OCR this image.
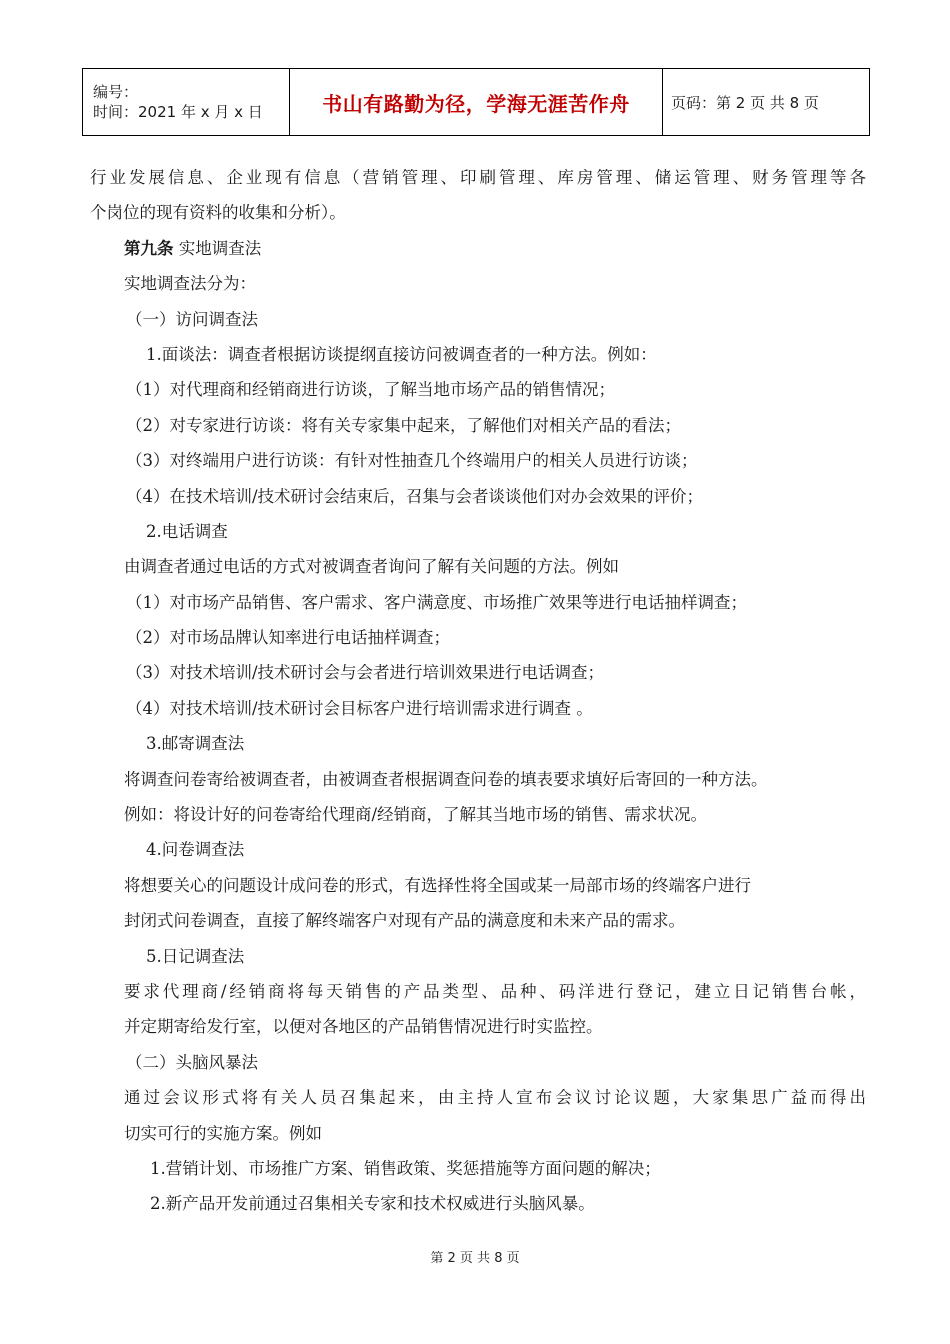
编号：
时间：2021 年 x 月 x 日	书山有路勤为径，学海无涯苦作舟	页码：第 2 页 共 8 页
行业发展信息、企业现有信息（营销管理、印刷管理、库房管理、储运管理、财务管理等各
个岗位的现有资料的收集和分析）。
第九条 实地调查法
实地调查法分为：
（一）访问调查法
1.面谈法：调查者根据访谈提纲直接访问被调查者的一种方法。例如：
（1）对代理商和经销商进行访谈，了解当地市场产品的销售情况；
（2）对专家进行访谈：将有关专家集中起来，了解他们对相关产品的看法；
（3）对终端用户进行访谈：有针对性抽查几个终端用户的相关人员进行访谈；
（4）在技术培训/技术研讨会结束后，召集与会者谈谈他们对办会效果的评价；
2.电话调查
由调查者通过电话的方式对被调查者询问了解有关问题的方法。例如
（1）对市场产品销售、客户需求、客户满意度、市场推广效果等进行电话抽样调查；
（2）对市场品牌认知率进行电话抽样调查；
（3）对技术培训/技术研讨会与会者进行培训效果进行电话调查；
（4）对技术培训/技术研讨会目标客户进行培训需求进行调查 。
3.邮寄调查法
将调查问卷寄给被调查者，由被调查者根据调查问卷的填表要求填好后寄回的一种方法。
例如：将设计好的问卷寄给代理商/经销商，了解其当地市场的销售、需求状况。
4.问卷调查法
将想要关心的问题设计成问卷的形式，有选择性将全国或某一局部市场的终端客户进行
封闭式问卷调查，直接了解终端客户对现有产品的满意度和未来产品的需求。
5.日记调查法
要求代理商/经销商将每天销售的产品类型、品种、码洋进行登记，建立日记销售台帐，
并定期寄给发行室，以便对各地区的产品销售情况进行时实监控。
（二）头脑风暴法
通过会议形式将有关人员召集起来，由主持人宣布会议讨论议题，大家集思广益而得出
切实可行的实施方案。例如
1.营销计划、市场推广方案、销售政策、奖惩措施等方面问题的解决；
2.新产品开发前通过召集相关专家和技术权威进行头脑风暴。
第 2 页 共 8 页
